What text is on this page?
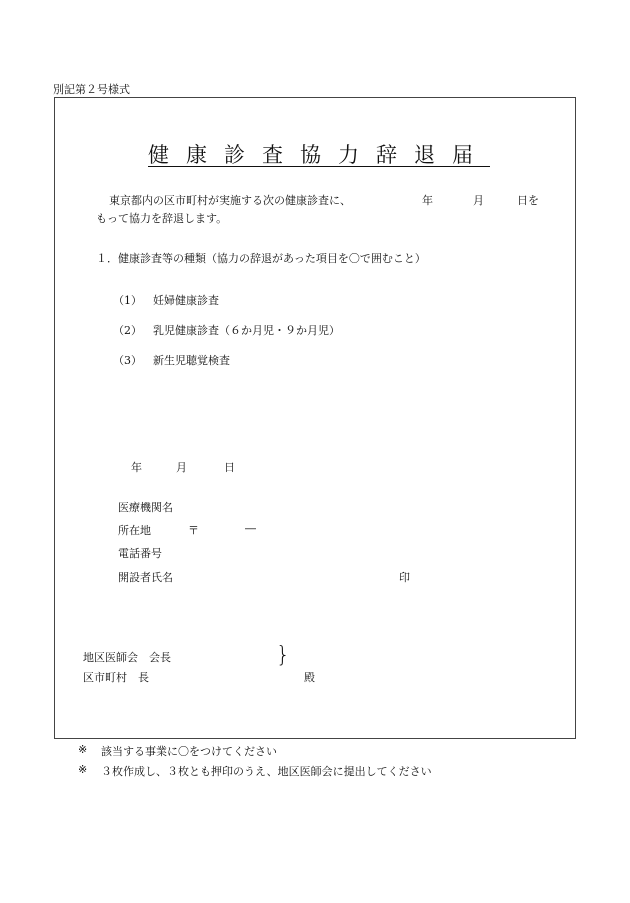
別記第２号様式
健康診査協力辞退届
東京都内の区市町村が実施する次の健康診査に、	年	月	日を
もって協力を辞退します。
１．健康診査等の種類（協力の辞退があった項目を〇で囲むこと）
（1） 妊婦健康診査
（2） 乳児健康診査（６か月児・９か月児）
（3） 新生児聴覚検査
年	月	日
医療機関名
所在地	〒	―
電話番号
開設者氏名	印
地区医師会　会長
区市町村　長
}
殿
※ 該当する事業に〇をつけてください
※ ３枚作成し、３枚とも押印のうえ、地区医師会に提出してください
